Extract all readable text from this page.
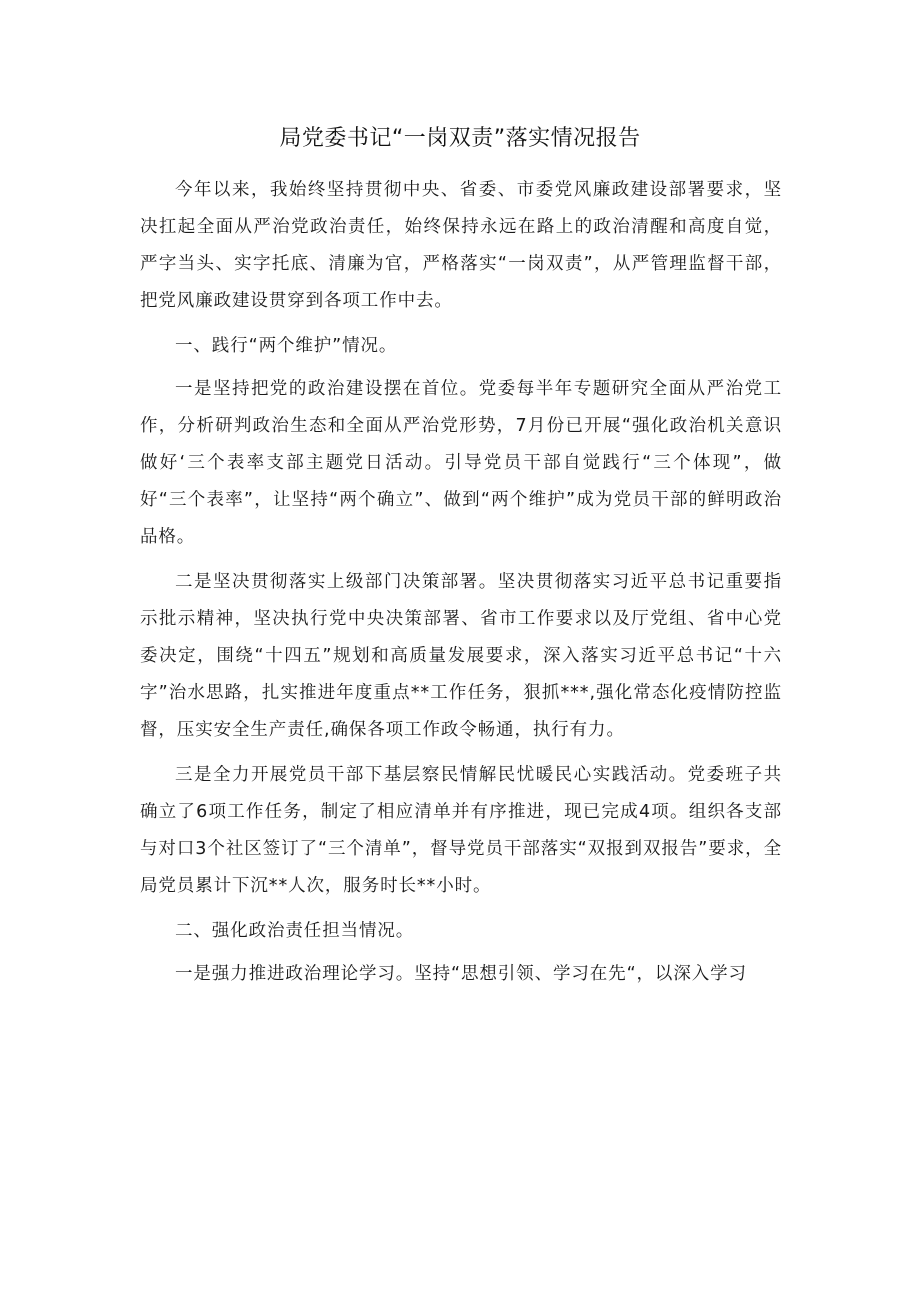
局党委书记“一岗双责”落实情况报告

今年以来，我始终坚持贯彻中央、省委、市委党风廉政建设部署要求，坚决扛起全面从严治党政治责任，始终保持永远在路上的政治清醒和高度自觉，严字当头、实字托底、清廉为官，严格落实“一岗双责”，从严管理监督干部，把党风廉政建设贯穿到各项工作中去。

一、践行“两个维护”情况。

一是坚持把党的政治建设摆在首位。党委每半年专题研究全面从严治党工作，分析研判政治生态和全面从严治党形势，7月份已开展“强化政治机关意识做好‘三个表率支部主题党日活动。引导党员干部自觉践行“三个体现”，做好“三个表率”，让坚持“两个确立”、做到“两个维护”成为党员干部的鲜明政治品格。

二是坚决贯彻落实上级部门决策部署。坚决贯彻落实习近平总书记重要指示批示精神，坚决执行党中央决策部署、省市工作要求以及厅党组、省中心党委决定，围绕“十四五”规划和高质量发展要求，深入落实习近平总书记“十六字”治水思路，扎实推进年度重点**工作任务，狠抓***,强化常态化疫情防控监督，压实安全生产责任,确保各项工作政令畅通，执行有力。

三是全力开展党员干部下基层察民情解民忧暖民心实践活动。党委班子共确立了6项工作任务，制定了相应清单并有序推进，现已完成4项。组织各支部与对口3个社区签订了“三个清单”，督导党员干部落实“双报到双报告”要求，全局党员累计下沉**人次，服务时长**小时。

二、强化政治责任担当情况。

一是强力推进政治理论学习。坚持“思想引领、学习在先“，以深入学习
